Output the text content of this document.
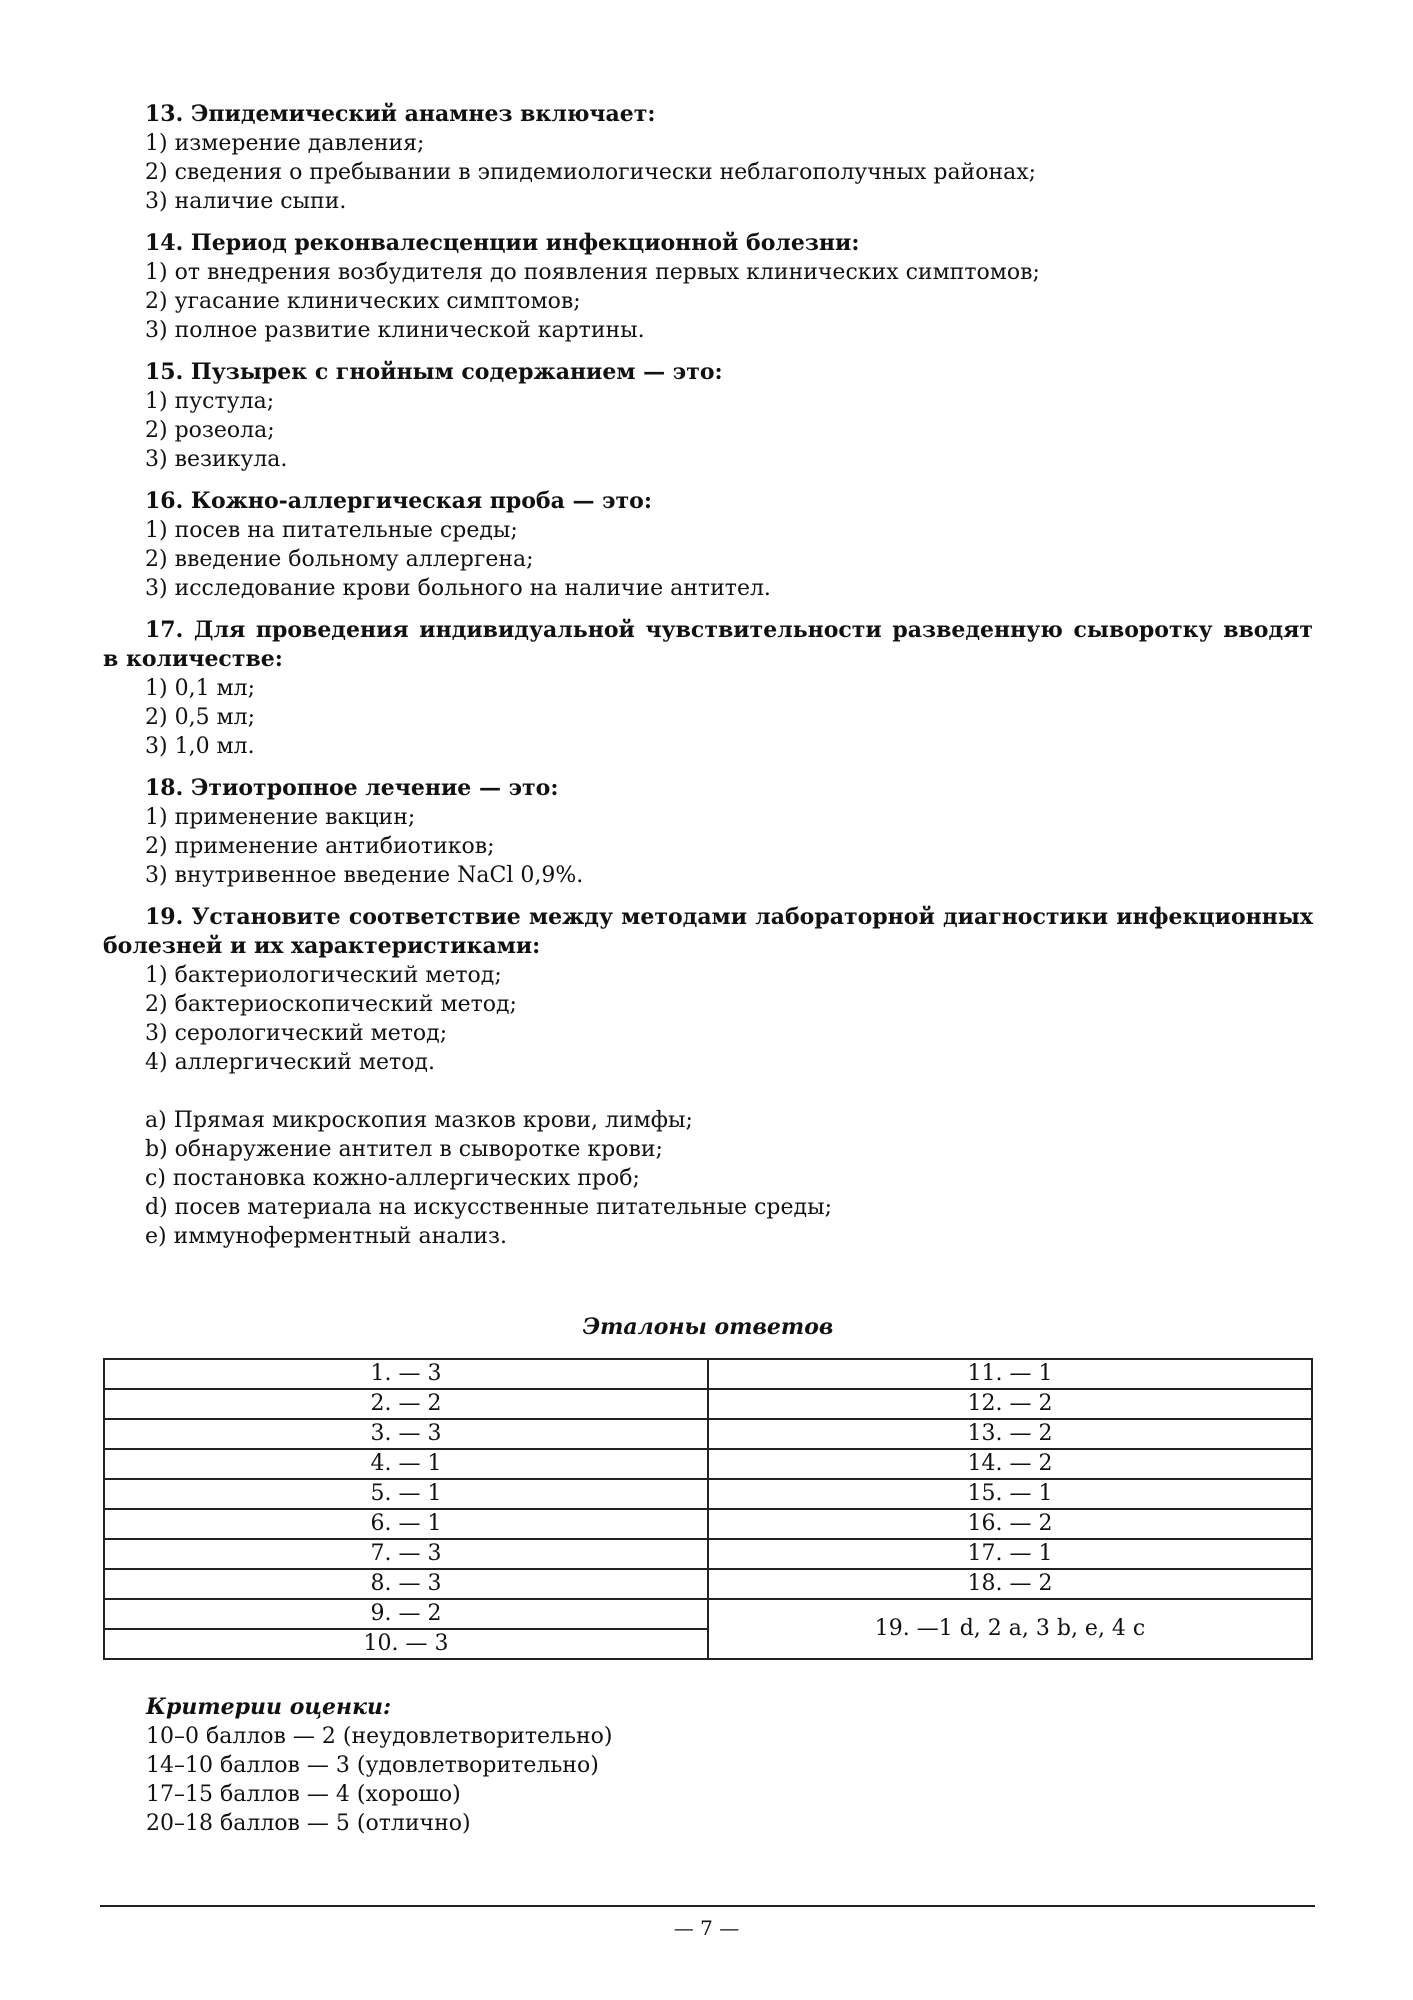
13. Эпидемический анамнез включает:
1) измерение давления;
2) сведения о пребывании в эпидемиологически неблагополучных районах;
3) наличие сыпи.
14. Период реконвалесценции инфекционной болезни:
1) от внедрения возбудителя до появления первых клинических симптомов;
2) угасание клинических симптомов;
3) полное развитие клинической картины.
15. Пузырек с гнойным содержанием — это:
1) пустула;
2) розеола;
3) везикула.
16. Кожно-аллергическая проба — это:
1) посев на питательные среды;
2) введение больному аллергена;
3) исследование крови больного на наличие антител.
17. Для проведения индивидуальной чувствительности разведенную сыворотку вводят в количестве:
1) 0,1 мл;
2) 0,5 мл;
3) 1,0 мл.
18. Этиотропное лечение — это:
1) применение вакцин;
2) применение антибиотиков;
3) внутривенное введение NaCl 0,9%.
19. Установите соответствие между методами лабораторной диагностики инфекционных болезней и их характеристиками:
1) бактериологический метод;
2) бактериоскопический метод;
3) серологический метод;
4) аллергический метод.
a) Прямая микроскопия мазков крови, лимфы;
b) обнаружение антител в сыворотке крови;
c) постановка кожно-аллергических проб;
d) посев материала на искусственные питательные среды;
e) иммуноферментный анализ.
Эталоны ответов
1. — 3	11. — 1
2. — 2	12. — 2
3. — 3	13. — 2
4. — 1	14. — 2
5. — 1	15. — 1
6. — 1	16. — 2
7. — 3	17. — 1
8. — 3	18. — 2
9. — 2	19. —1 d, 2 a, 3 b, e, 4 c
10. — 3	
Критерии оценки:
10–0 баллов — 2 (неудовлетворительно)
14–10 баллов — 3 (удовлетворительно)
17–15 баллов — 4 (хорошо)
20–18 баллов — 5 (отлично)
— 7 —
